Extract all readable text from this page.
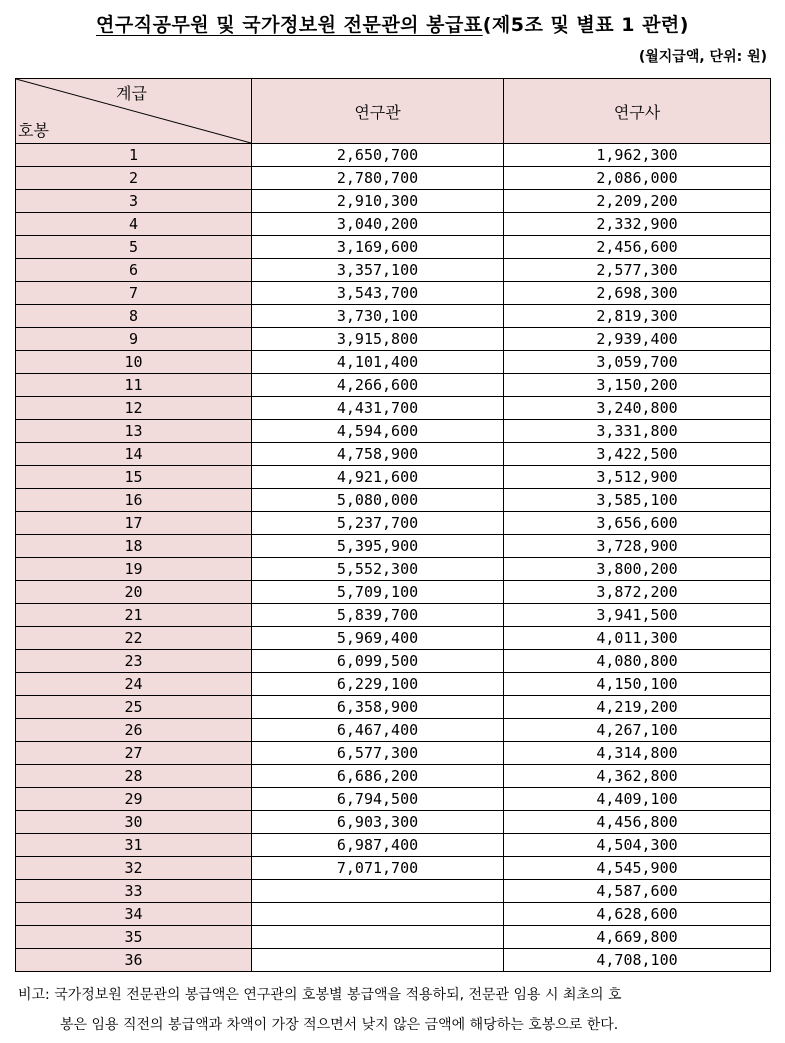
연구직공무원 및 국가정보원 전문관의 봉급표(제5조 및 별표 1 관련)
(월지급액, 단위: 원)
계급
호봉	연구관	연구사
1	2,650,700	1,962,300
2	2,780,700	2,086,000
3	2,910,300	2,209,200
4	3,040,200	2,332,900
5	3,169,600	2,456,600
6	3,357,100	2,577,300
7	3,543,700	2,698,300
8	3,730,100	2,819,300
9	3,915,800	2,939,400
10	4,101,400	3,059,700
11	4,266,600	3,150,200
12	4,431,700	3,240,800
13	4,594,600	3,331,800
14	4,758,900	3,422,500
15	4,921,600	3,512,900
16	5,080,000	3,585,100
17	5,237,700	3,656,600
18	5,395,900	3,728,900
19	5,552,300	3,800,200
20	5,709,100	3,872,200
21	5,839,700	3,941,500
22	5,969,400	4,011,300
23	6,099,500	4,080,800
24	6,229,100	4,150,100
25	6,358,900	4,219,200
26	6,467,400	4,267,100
27	6,577,300	4,314,800
28	6,686,200	4,362,800
29	6,794,500	4,409,100
30	6,903,300	4,456,800
31	6,987,400	4,504,300
32	7,071,700	4,545,900
33		4,587,600
34		4,628,600
35		4,669,800
36		4,708,100

비고: 국가정보원 전문관의 봉급액은 연구관의 호봉별 봉급액을 적용하되, 전문관 임용 시 최초의 호

봉은 임용 직전의 봉급액과 차액이 가장 적으면서 낮지 않은 금액에 해당하는 호봉으로 한다.
